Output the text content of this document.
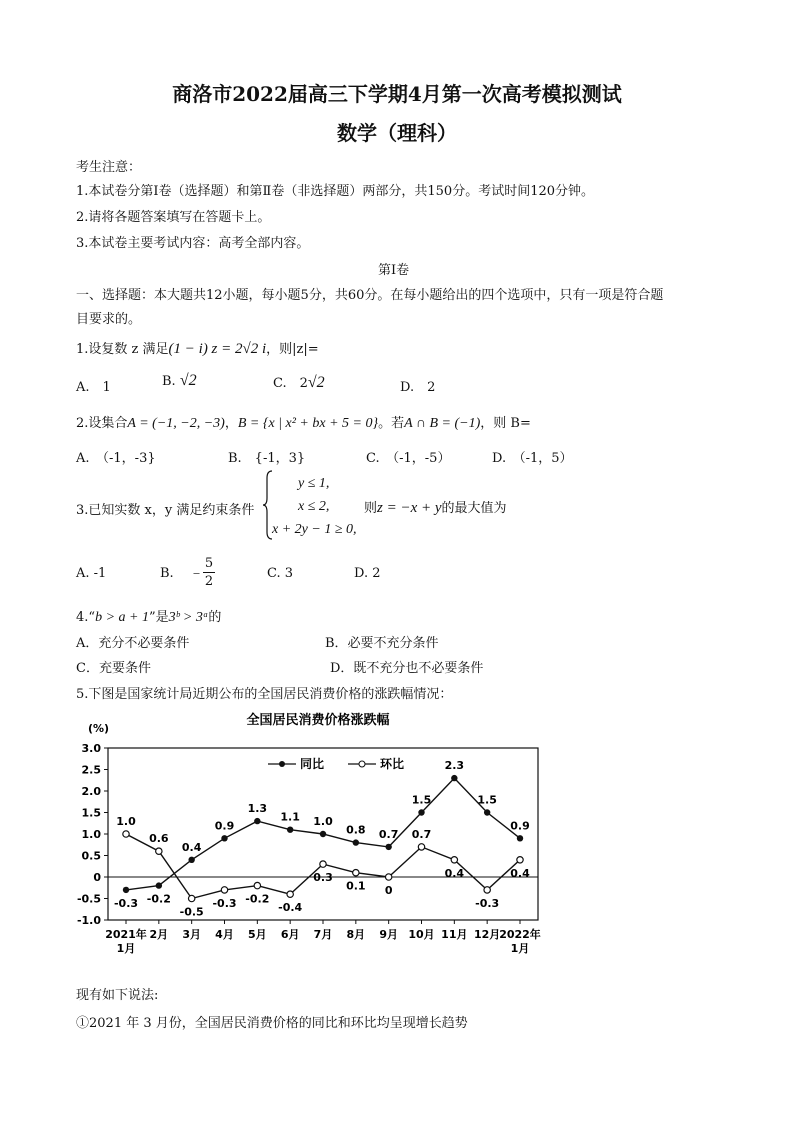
商洛市2022届高三下学期4月第一次高考模拟测试
数学（理科）
考生注意：
1.本试卷分第Ⅰ卷（选择题）和第Ⅱ卷（非选择题）两部分，共150分。考试时间120分钟。
2.请将各题答案填写在答题卡上。
3.本试卷主要考试内容：高考全部内容。
第Ⅰ卷
一、选择题：本大题共12小题，每小题5分，共60分。在每小题给出的四个选项中，只有一项是符合题
目要求的。
1.设复数 z 满足(1 − i) z = 2√2 i，则|z|=
A.　1	B. √2	C.　2√2	D.　2
2.设集合A = (−1, −2, −3)，B = {x | x² + bx + 5 = 0}。若A ∩ B = (−1)，则 B=
A.　（-1，-3}	B.　{-1，3}	C.　（-1，-5）	D.　（-1，5）
3.已知实数 x，y 满足约束条件
y ≤ 1,
x ≤ 2,
x + 2y − 1 ≥ 0,
则z = −x + y的最大值为
A. -1	B. −
5
2
C. 3	D. 2
4.“b > a + 1”是3ᵇ > 3ᵃ的
A．充分不必要条件	B．必要不充分条件
C．充要条件	D．既不充分也不必要条件
5.下图是国家统计局近期公布的全国居民消费价格的涨跌幅情况：
全国居民消费价格涨跌幅
(%)
3.0
2.5
2.0
1.5
1.0
0.5
0
-0.5
-1.0
2021年
1月
2月 3月 4月 5月 6月 7月 8月 9月 10月 11月 12月
2022年
1月
同比	环比
-0.3 -0.2
0.4
0.9
1.3
1.1 1.0
0.8 0.7
1.5
2.3
1.5
0.9
1.0
0.6
-0.5
-0.3 -0.2
-0.4
0.3
0.1 0
0.7
0.4
-0.3
0.4
现有如下说法:
①2021 年 3 月份，全国居民消费价格的同比和环比均呈现增长趋势
